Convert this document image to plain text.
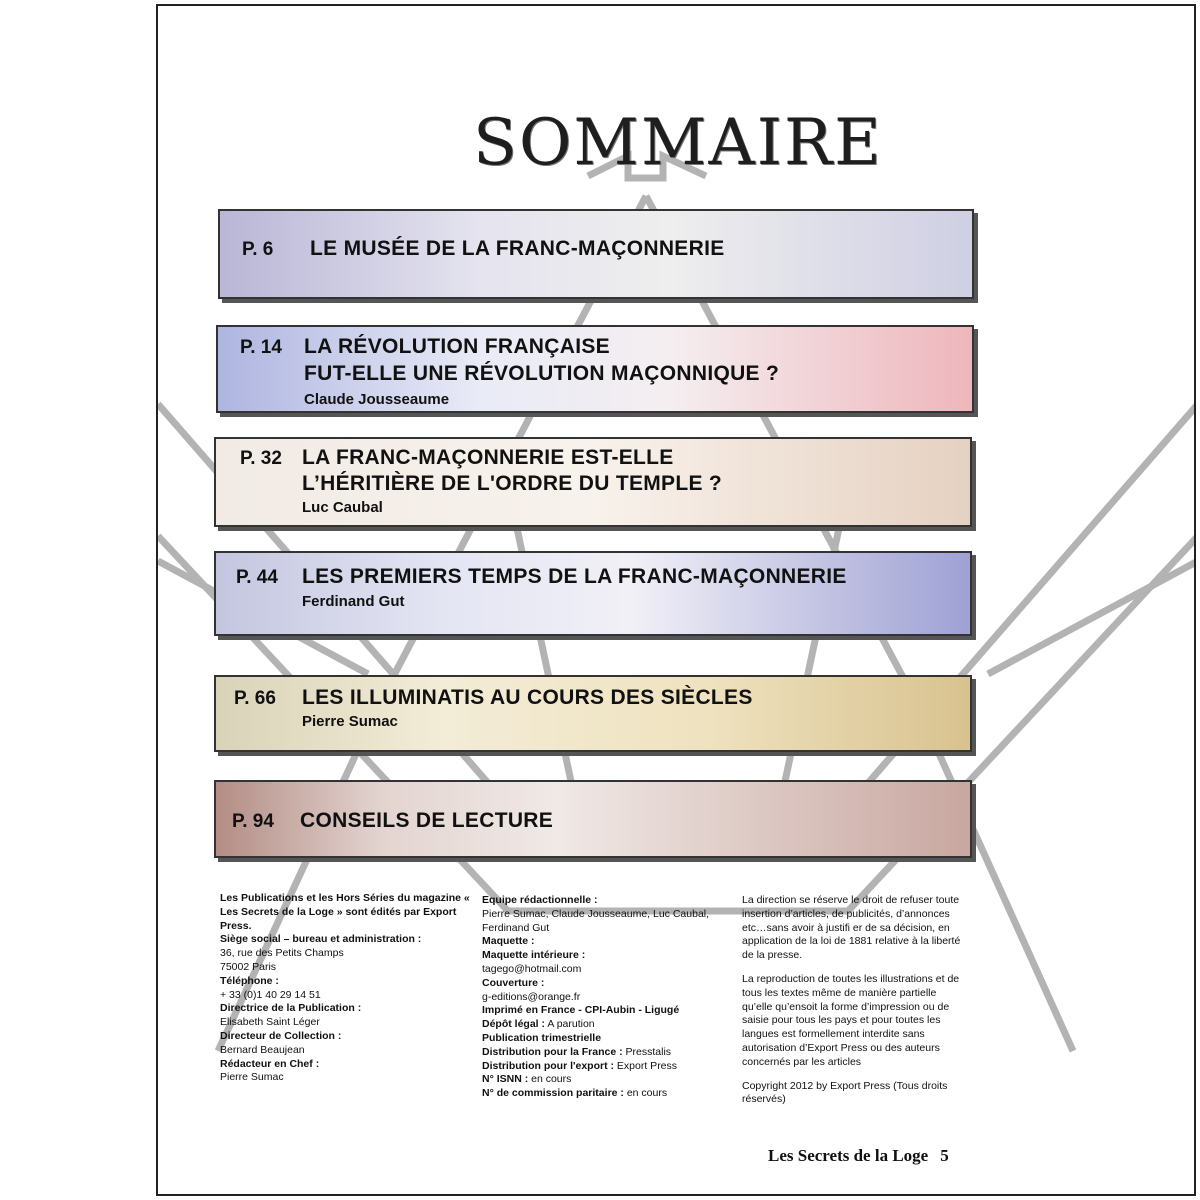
SOMMAIRE
P. 6 LE MUSÉE DE LA FRANC-MAÇONNERIE
P. 14 LA RÉVOLUTION FRANÇAISE
FUT-ELLE UNE RÉVOLUTION MAÇONNIQUE ?
Claude Jousseaume
P. 32 LA FRANC-MAÇONNERIE EST-ELLE
L’HÉRITIÈRE DE L'ORDRE DU TEMPLE ?
Luc Caubal
P. 44 LES PREMIERS TEMPS DE LA FRANC-MAÇONNERIE
Ferdinand Gut
P. 66 LES ILLUMINATIS AU COURS DES SIÈCLES
Pierre Sumac
P. 94 CONSEILS DE LECTURE
Les Publications et les Hors Séries du magazine « Les Secrets de la Loge » sont édités par Export Press.
Siège social – bureau et administration :
36, rue des Petits Champs
75002 Paris
Téléphone :
+ 33 (0)1 40 29 14 51
Directrice de la Publication :
Elisabeth Saint Léger
Directeur de Collection :
Bernard Beaujean
Rédacteur en Chef :
Pierre Sumac
Equipe rédactionnelle :
Pierre Sumac, Claude Jousseaume, Luc Caubal, Ferdinand Gut
Maquette :
Maquette intérieure :
tagego@hotmail.com
Couverture :
g-editions@orange.fr
Imprimé en France - CPI-Aubin - Ligugé
Dépôt légal : A parution
Publication trimestrielle
Distribution pour la France : Presstalis
Distribution pour l'export : Export Press
N° ISNN : en cours
N° de commission paritaire : en cours

La direction se réserve le droit de refuser toute insertion d’articles, de publicités, d’annonces etc…sans avoir à justifi er de sa décision, en application de la loi de 1881 relative à la liberté de la presse.

La reproduction de toutes les illustrations et de tous les textes même de manière partielle qu’elle qu’ensoit la forme d’impression ou de saisie pour tous les pays et pour toutes les langues est formellement interdite sans autorisation d’Export Press ou des auteurs concernés par les articles

Copyright 2012 by Export Press (Tous droits réservés)

Les Secrets de la Loge 5
